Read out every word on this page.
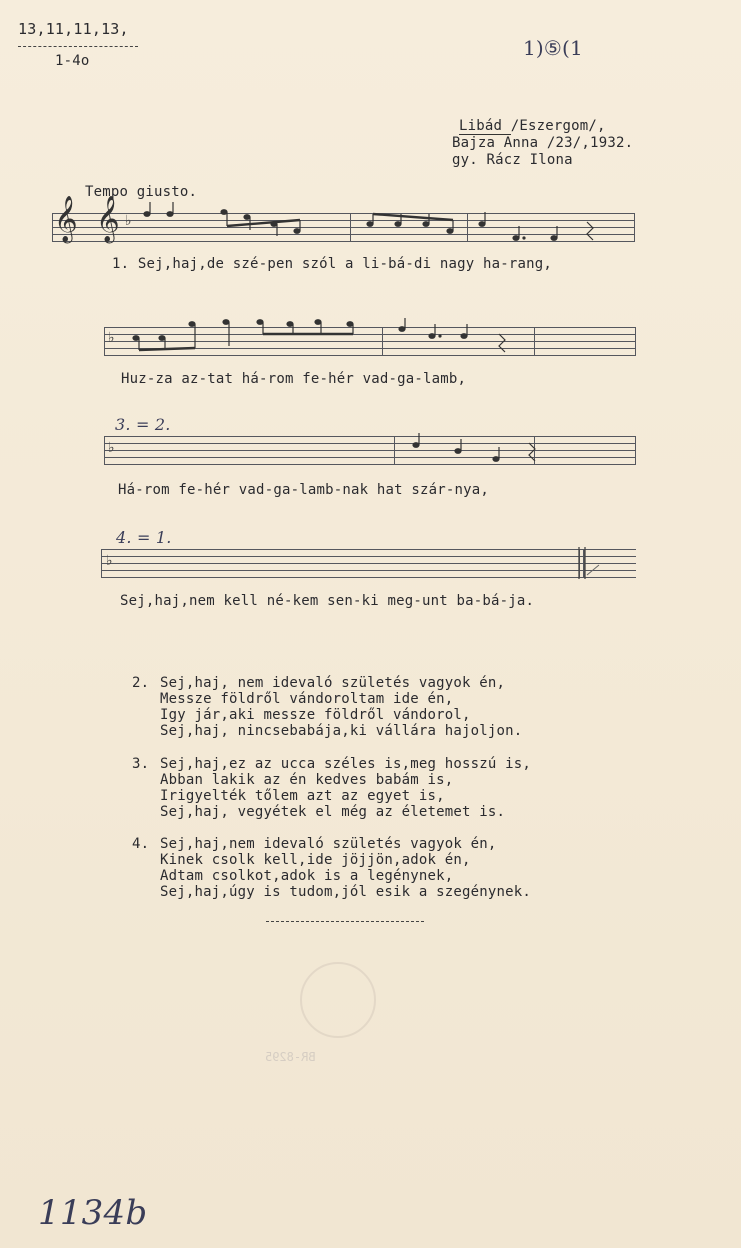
13,11,11,13,
1-4o
1)⑤(1
Libád /Eszergom/,
Bajza Anna /23/,1932.
gy. Rácz Ilona
Tempo giusto.
𝄞 𝄞 ♭
1. Sej,haj,de szé-pen szól a li-bá-di nagy ha-rang,
♭
Huz-za az-tat há-rom fe-hér vad-ga-lamb,
3. = 2.
♭
Há-rom fe-hér vad-ga-lamb-nak hat szár-nya,
4. = 1.
♭
Sej,haj,nem kell né-kem sen-ki meg-unt ba-bá-ja.
2. Sej,haj, nem idevaló születés vagyok én,
Messze földről vándoroltam ide én,
Igy jár,aki messze földről vándorol,
Sej,haj, nincsebabája,ki vállára hajoljon.
3. Sej,haj,ez az ucca széles is,meg hosszú is,
Abban lakik az én kedves babám is,
Irigyelték tőlem azt az egyet is,
Sej,haj, vegyétek el még az életemet is.
4. Sej,haj,nem idevaló születés vagyok én,
Kinek csolk kell,ide jöjjön,adok én,
Adtam csolkot,adok is a legénynek,
Sej,haj,úgy is tudom,jól esik a szegénynek.
BR-8295
1134b
